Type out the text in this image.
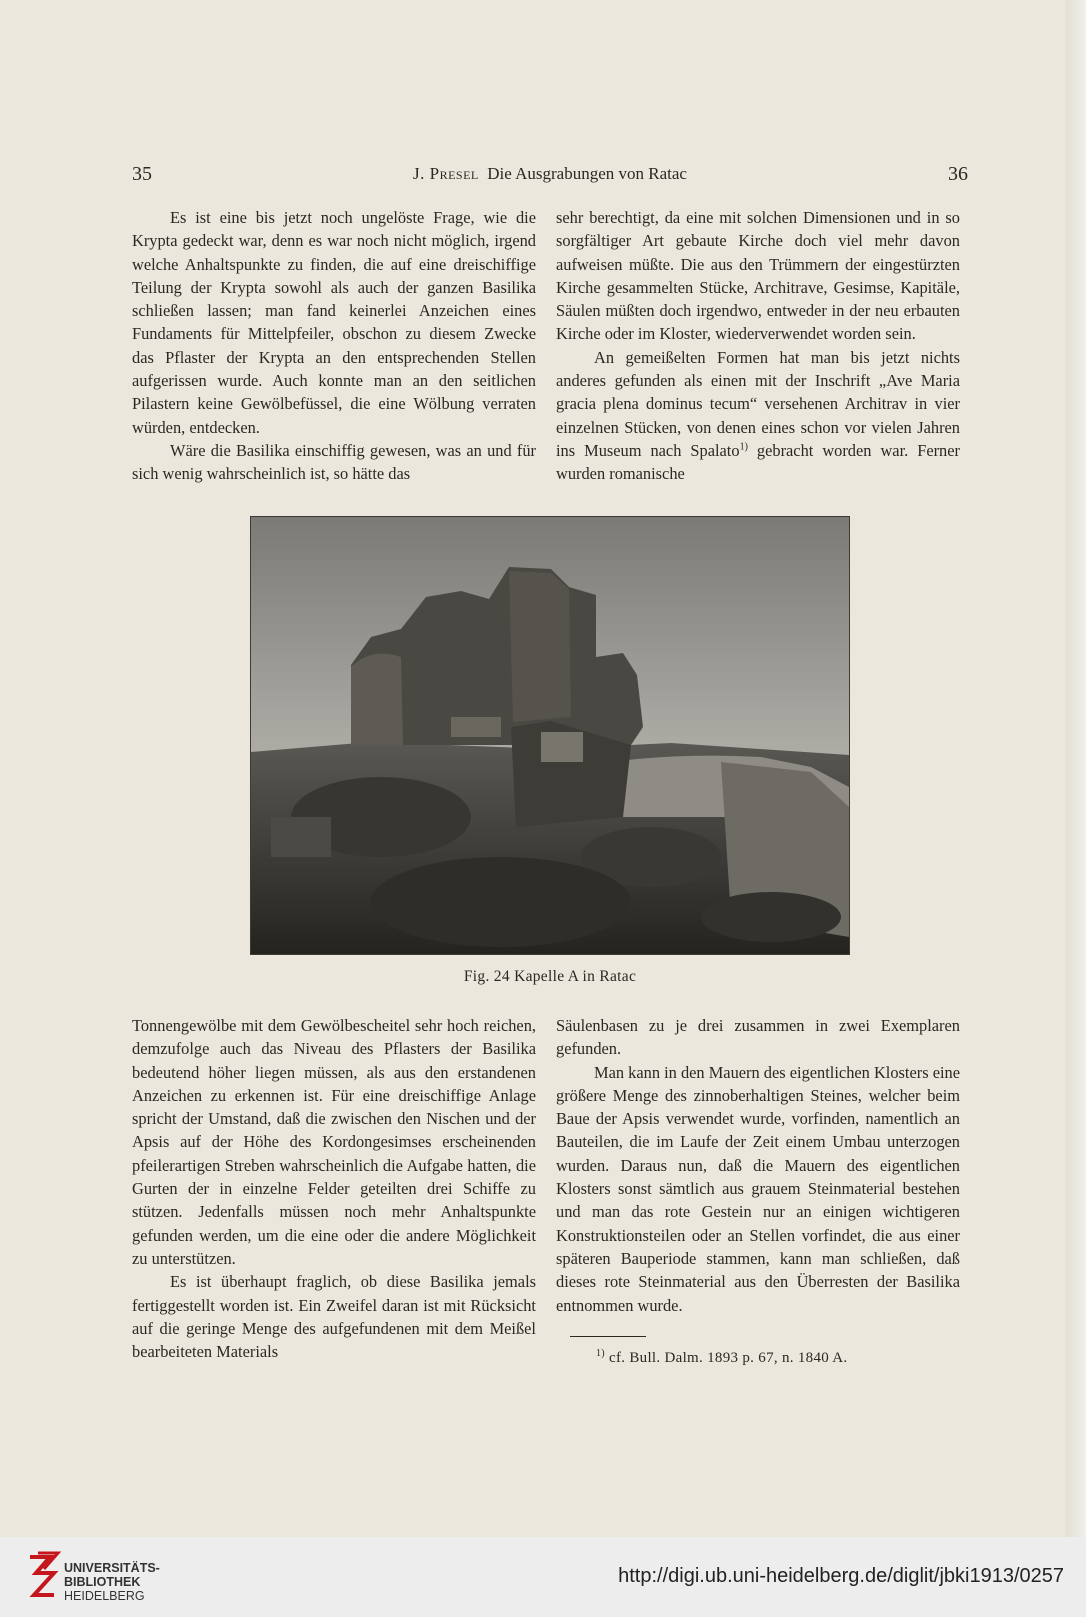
35	J. Presel Die Ausgrabungen von Ratac	36

Es ist eine bis jetzt noch ungelöste Frage, wie die Krypta gedeckt war, denn es war noch nicht möglich, irgend welche Anhaltspunkte zu finden, die auf eine dreischiffige Teilung der Krypta sowohl als auch der ganzen Basilika schließen lassen; man fand keinerlei Anzeichen eines Fundaments für Mittelpfeiler, obschon zu diesem Zwecke das Pflaster der Krypta an den entsprechenden Stellen aufgerissen wurde. Auch konnte man an den seitlichen Pilastern keine Gewölbefüssel, die eine Wölbung verraten würden, entdecken.

Wäre die Basilika einschiffig gewesen, was an und für sich wenig wahrscheinlich ist, so hätte das

sehr berechtigt, da eine mit solchen Dimensionen und in so sorgfältiger Art gebaute Kirche doch viel mehr davon aufweisen müßte. Die aus den Trümmern der eingestürzten Kirche gesammelten Stücke, Architrave, Gesimse, Kapitäle, Säulen müßten doch irgendwo, entweder in der neu erbauten Kirche oder im Kloster, wiederverwendet worden sein.

An gemeißelten Formen hat man bis jetzt nichts anderes gefunden als einen mit der Inschrift „Ave Maria gracia plena dominus tecum“ versehenen Architrav in vier einzelnen Stücken, von denen eines schon vor vielen Jahren ins Museum nach Spalato$^{1)}$ gebracht worden war. Ferner wurden romanische

Fig. 24 Kapelle A in Ratac

Tonnengewölbe mit dem Gewölbescheitel sehr hoch reichen, demzufolge auch das Niveau des Pflasters der Basilika bedeutend höher liegen müssen, als aus den erstandenen Anzeichen zu erkennen ist. Für eine dreischiffige Anlage spricht der Umstand, daß die zwischen den Nischen und der Apsis auf der Höhe des Kordongesimses erscheinenden pfeilerartigen Streben wahrscheinlich die Aufgabe hatten, die Gurten der in einzelne Felder geteilten drei Schiffe zu stützen. Jedenfalls müssen noch mehr Anhaltspunkte gefunden werden, um die eine oder die andere Möglichkeit zu unterstützen.

Es ist überhaupt fraglich, ob diese Basilika jemals fertiggestellt worden ist. Ein Zweifel daran ist mit Rücksicht auf die geringe Menge des aufgefundenen mit dem Meißel bearbeiteten Materials

Säulenbasen zu je drei zusammen in zwei Exemplaren gefunden.

Man kann in den Mauern des eigentlichen Klosters eine größere Menge des zinnoberhaltigen Steines, welcher beim Baue der Apsis verwendet wurde, vorfinden, namentlich an Bauteilen, die im Laufe der Zeit einem Umbau unterzogen wurden. Daraus nun, daß die Mauern des eigentlichen Klosters sonst sämtlich aus grauem Steinmaterial bestehen und man das rote Gestein nur an einigen wichtigeren Konstruktionsteilen oder an Stellen vorfindet, die aus einer späteren Bauperiode stammen, kann man schließen, daß dieses rote Steinmaterial aus den Überresten der Basilika entnommen wurde.

$^{1)}$ cf. Bull. Dalm. 1893 p. 67, n. 1840 A.
UNIVERSITÄTS-
BIBLIOTHEK
HEIDELBERG
http://digi.ub.uni-heidelberg.de/diglit/jbki1913/0257
